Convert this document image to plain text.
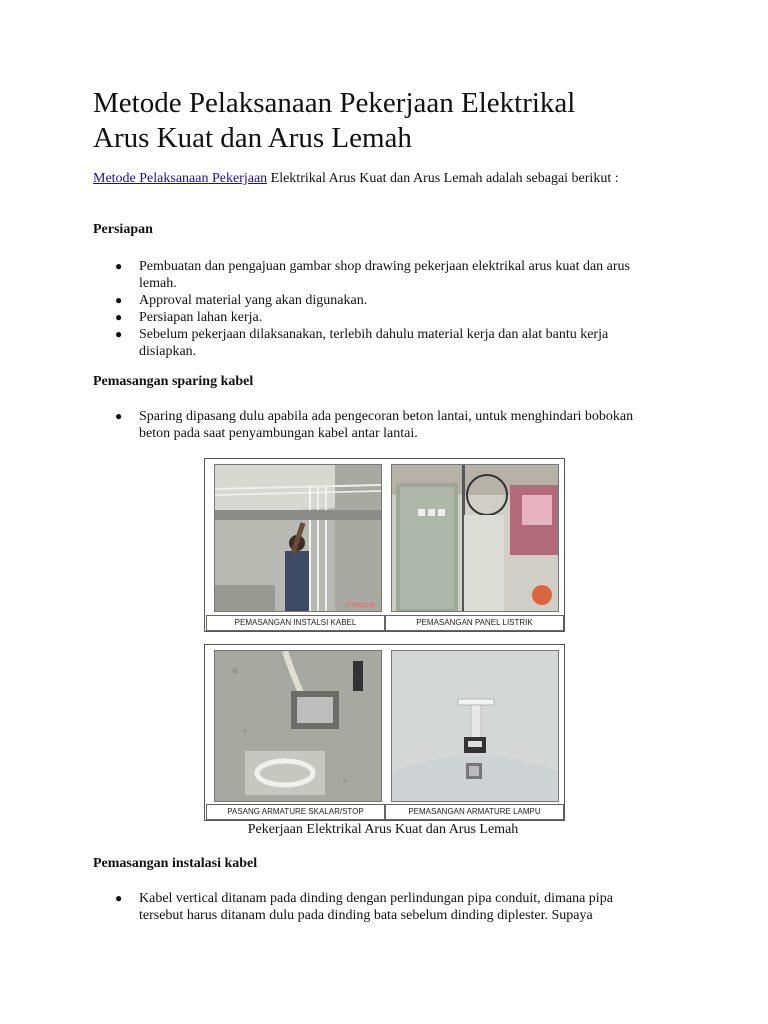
Metode Pelaksanaan Pekerjaan Elektrikal
Arus Kuat dan Arus Lemah

Metode Pelaksanaan Pekerjaan Elektrikal Arus Kuat dan Arus Lemah adalah sebagai berikut :

Persiapan

● Pembuatan dan pengajuan gambar shop drawing pekerjaan elektrikal arus kuat dan arus lemah.
● Approval material yang akan digunakan.
● Persiapan lahan kerja.
● Sebelum pekerjaan dilaksanakan, terlebih dahulu material kerja dan alat bantu kerja disiapkan.

Pemasangan sparing kabel

● Sparing dipasang dulu apabila ada pengecoran beton lantai, untuk menghindari bobokan beton pada saat penyambungan kabel antar lantai.
Pekerjaan Elektrikal Arus Kuat dan Arus Lemah

Pemasangan instalasi kabel

● Kabel vertical ditanam pada dinding dengan perlindungan pipa conduit, dimana pipa tersebut harus ditanam dulu pada dinding bata sebelum dinding diplester. Supaya
07/05/2018
PEMASANGAN INSTALSI KABEL	PEMASANGAN PANEL LISTRIK
PASANG ARMATURE SKALAR/STOP	PEMASANGAN ARMATURE LAMPU
